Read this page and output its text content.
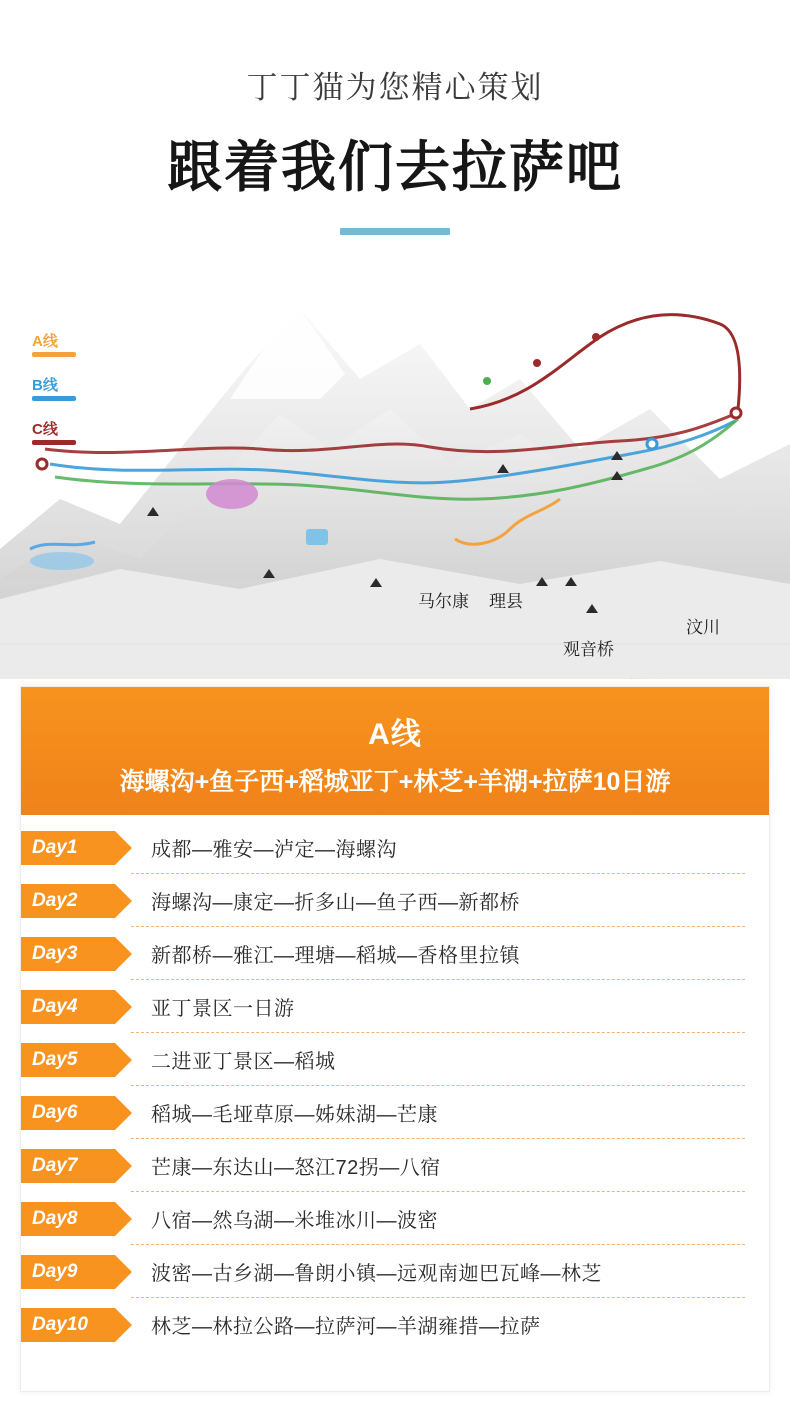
丁丁猫为您精心策划
跟着我们去拉萨吧
A线
B线
C线
汶川
理县
马尔康
观音桥
A线
海螺沟+鱼子西+稻城亚丁+林芝+羊湖+拉萨10日游
Day1	成都—雅安—泸定—海螺沟
Day2	海螺沟—康定—折多山—鱼子西—新都桥
Day3	新都桥—雅江—理塘—稻城—香格里拉镇
Day4	亚丁景区一日游
Day5	二进亚丁景区—稻城
Day6	稻城—毛垭草原—姊妹湖—芒康
Day7	芒康—东达山—怒江72拐—八宿
Day8	八宿—然乌湖—米堆冰川—波密
Day9	波密—古乡湖—鲁朗小镇—远观南迦巴瓦峰—林芝
Day10	林芝—林拉公路—拉萨河—羊湖雍措—拉萨
